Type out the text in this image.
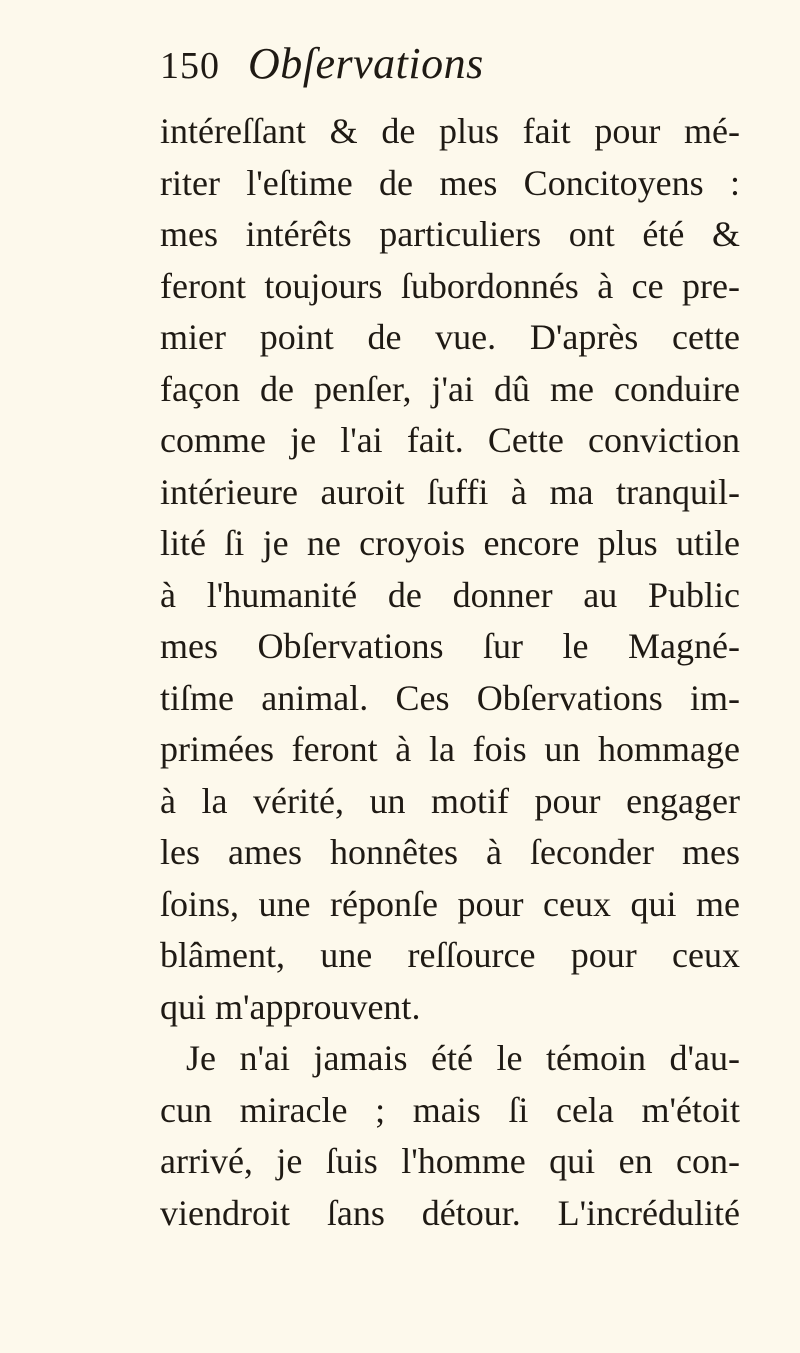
150 Obſervations
intéreſſant & de plus fait pour mé-
riter l'eſtime de mes Concitoyens :
mes intérêts particuliers ont été &
feront toujours ſubordonnés à ce pre-
mier point de vue. D'après cette
façon de penſer, j'ai dû me conduire
comme je l'ai fait. Cette conviction
intérieure auroit ſuffi à ma tranquil-
lité ſi je ne croyois encore plus utile
à l'humanité de donner au Public
mes Obſervations ſur le Magné-
tiſme animal. Ces Obſervations im-
primées feront à la fois un hommage
à la vérité, un motif pour engager
les ames honnêtes à ſeconder mes
ſoins, une réponſe pour ceux qui me
blâment, une reſſource pour ceux
qui m'approuvent.
Je n'ai jamais été le témoin d'au-
cun miracle ; mais ſi cela m'étoit
arrivé, je ſuis l'homme qui en con-
viendroit ſans détour. L'incrédulité
